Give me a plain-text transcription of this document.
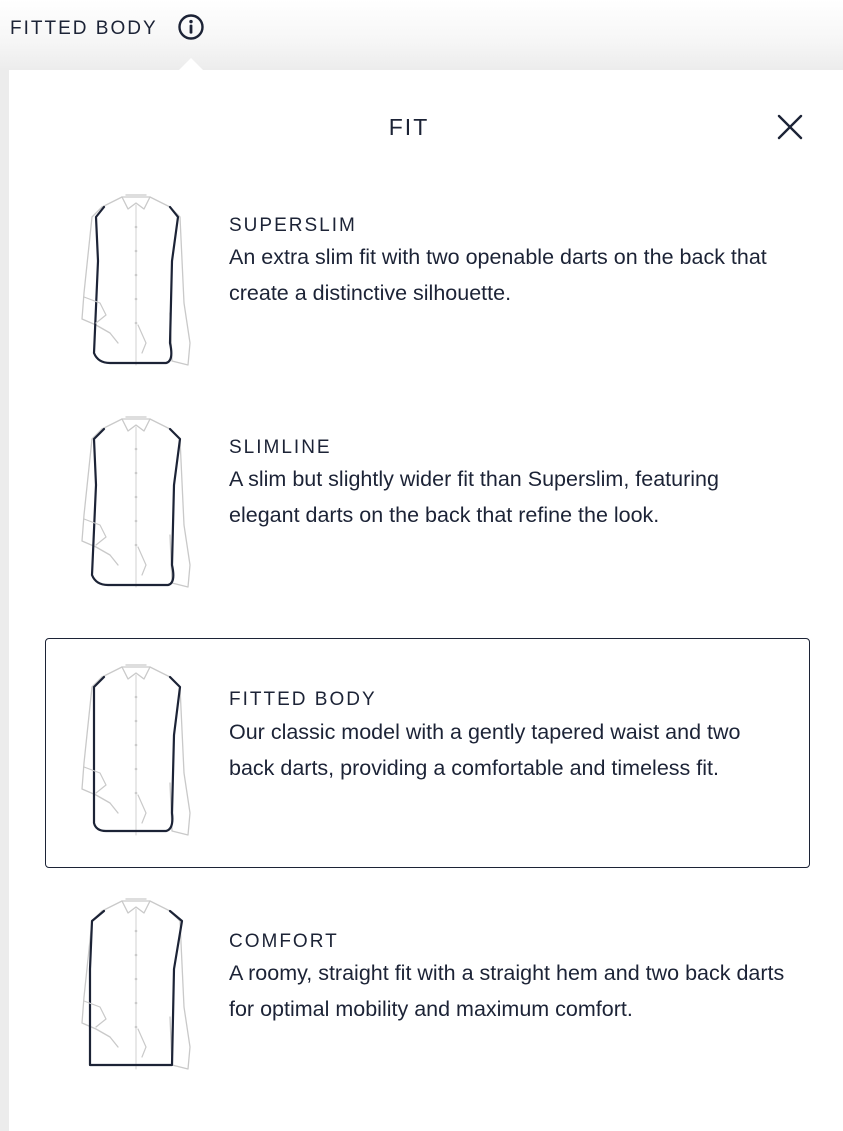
FITTED BODY
FIT
SUPERSLIM
An extra slim fit with two openable darts on the back that create a distinctive silhouette.
SLIMLINE
A slim but slightly wider fit than Superslim, featuring elegant darts on the back that refine the look.
FITTED BODY
Our classic model with a gently tapered waist and two back darts, providing a comfortable and timeless fit.
COMFORT
A roomy, straight fit with a straight hem and two back darts for optimal mobility and maximum comfort.
